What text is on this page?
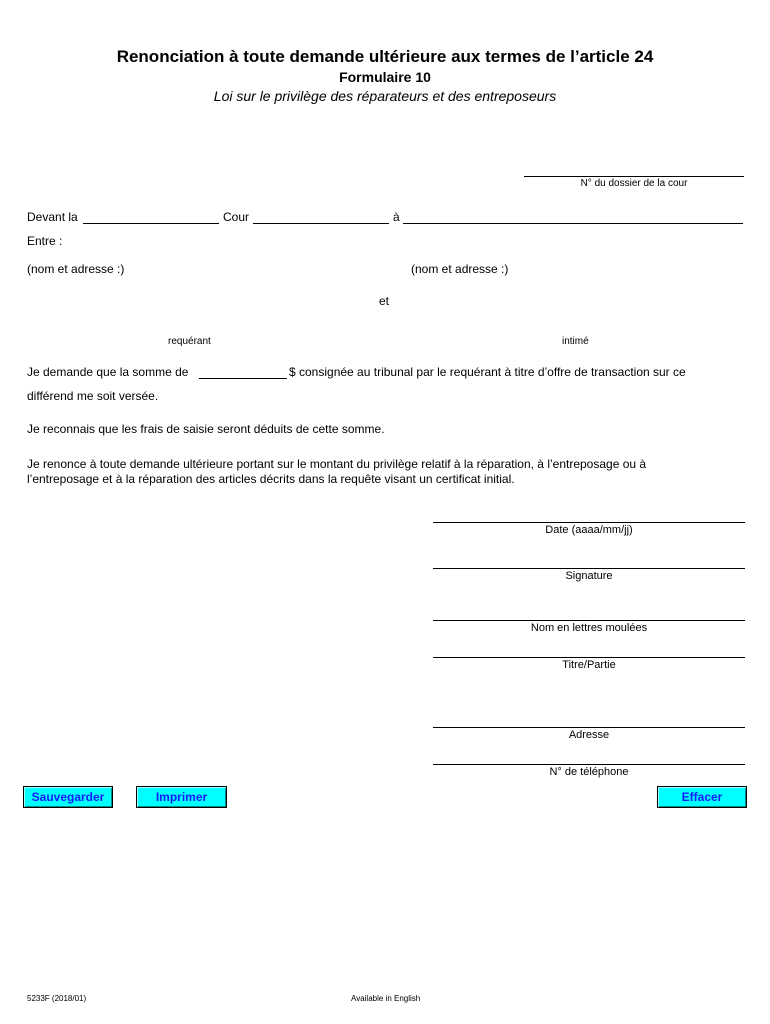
Renonciation à toute demande ultérieure aux termes de l’article 24
Formulaire 10
Loi sur le privilège des réparateurs et des entreposeurs
N° du dossier de la cour
Devant la	Cour	à
Entre :
(nom et adresse :)	(nom et adresse :)
et
requérant	intimé
Je demande que la somme de	$ consignée au tribunal par le requérant à titre d’offre de transaction sur ce
différend me soit versée.
Je reconnais que les frais de saisie seront déduits de cette somme.
Je renonce à toute demande ultérieure portant sur le montant du privilège relatif à la réparation, à l’entreposage ou à
l’entreposage et à la réparation des articles décrits dans la requête visant un certificat initial.
Date (aaaa/mm/jj)
Signature
Nom en lettres moulées
Titre/Partie
Adresse
N° de téléphone
Sauvegarder	Imprimer	Effacer
5233F (2018/01)	Available in English
